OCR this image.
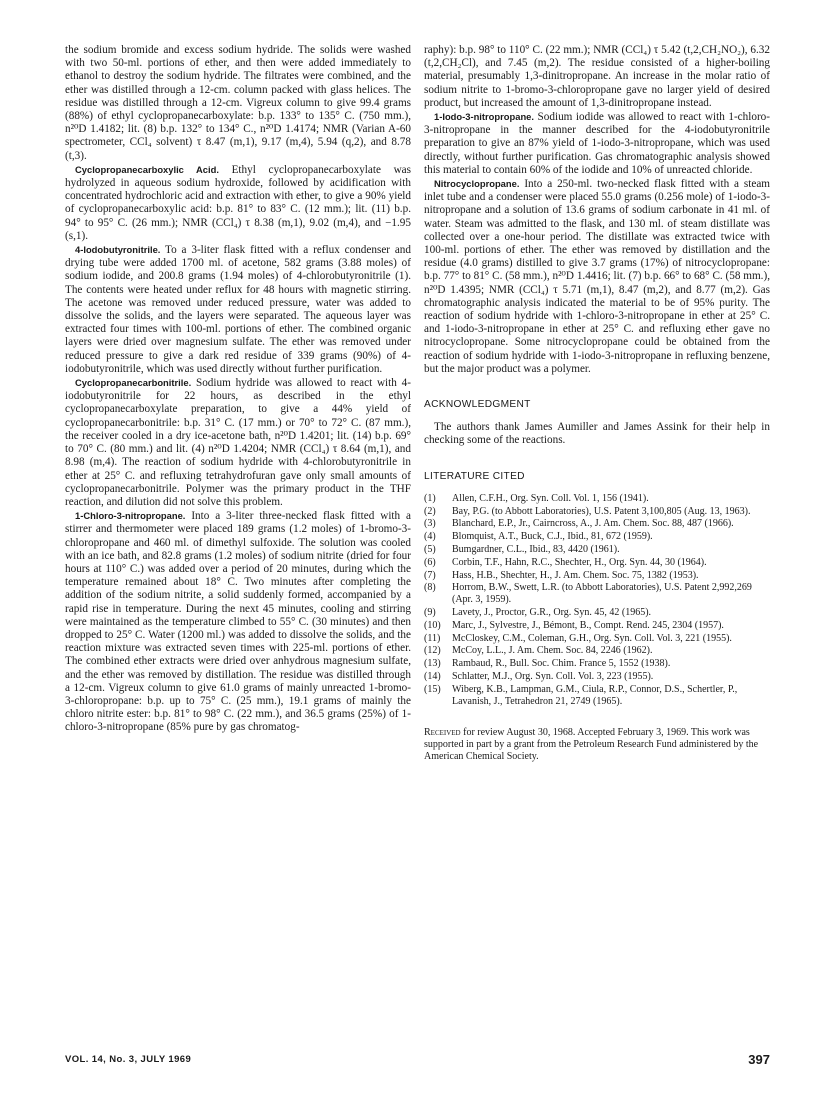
the sodium bromide and excess sodium hydride. The solids were washed with two 50-ml. portions of ether, and then were added immediately to ethanol to destroy the sodium hydride. The filtrates were combined, and the ether was distilled through a 12-cm. column packed with glass helices. The residue was distilled through a 12-cm. Vigreux column to give 99.4 grams (88%) of ethyl cyclopropanecarboxylate: b.p. 133° to 135° C. (750 mm.), n²⁰D 1.4182; lit. (8) b.p. 132° to 134° C., n²⁰D 1.4174; NMR (Varian A-60 spectrometer, CCl₄ solvent) τ 8.47 (m,1), 9.17 (m,4), 5.94 (q,2), and 8.78 (t,3).

Cyclopropanecarboxylic Acid. Ethyl cyclopropanecarboxylate was hydrolyzed in aqueous sodium hydroxide, followed by acidification with concentrated hydrochloric acid and extraction with ether, to give a 90% yield of cyclopropanecarboxylic acid: b.p. 81° to 83° C. (12 mm.); lit. (11) b.p. 94° to 95° C. (26 mm.); NMR (CCl₄) τ 8.38 (m,1), 9.02 (m,4), and −1.95 (s,1).

4-Iodobutyronitrile. To a 3-liter flask fitted with a reflux condenser and drying tube were added 1700 ml. of acetone, 582 grams (3.88 moles) of sodium iodide, and 200.8 grams (1.94 moles) of 4-chlorobutyronitrile (1). The contents were heated under reflux for 48 hours with magnetic stirring. The acetone was removed under reduced pressure, water was added to dissolve the solids, and the layers were separated. The aqueous layer was extracted four times with 100-ml. portions of ether. The combined organic layers were dried over magnesium sulfate. The ether was removed under reduced pressure to give a dark red residue of 339 grams (90%) of 4-iodobutyronitrile, which was used directly without further purification.

Cyclopropanecarbonitrile. Sodium hydride was allowed to react with 4-iodobutyronitrile for 22 hours, as described in the ethyl cyclopropanecarboxylate preparation, to give a 44% yield of cyclopropanecarbonitrile: b.p. 31° C. (17 mm.) or 70° to 72° C. (87 mm.), the receiver cooled in a dry ice-acetone bath, n²⁰D 1.4201; lit. (14) b.p. 69° to 70° C. (80 mm.) and lit. (4) n²⁰D 1.4204; NMR (CCl₄) τ 8.64 (m,1), and 8.98 (m,4). The reaction of sodium hydride with 4-chlorobutyronitrile in ether at 25° C. and refluxing tetrahydrofuran gave only small amounts of cyclopropanecarbonitrile. Polymer was the primary product in the THF reaction, and dilution did not solve this problem.

1-Chloro-3-nitropropane. Into a 3-liter three-necked flask fitted with a stirrer and thermometer were placed 189 grams (1.2 moles) of 1-bromo-3-chloropropane and 460 ml. of dimethyl sulfoxide. The solution was cooled with an ice bath, and 82.8 grams (1.2 moles) of sodium nitrite (dried for four hours at 110° C.) was added over a period of 20 minutes, during which the temperature remained about 18° C. Two minutes after completing the addition of the sodium nitrite, a solid suddenly formed, accompanied by a rapid rise in temperature. During the next 45 minutes, cooling and stirring were maintained as the temperature climbed to 55° C. (30 minutes) and then dropped to 25° C. Water (1200 ml.) was added to dissolve the solids, and the reaction mixture was extracted seven times with 225-ml. portions of ether. The combined ether extracts were dried over anhydrous magnesium sulfate, and the ether was removed by distillation. The residue was distilled through a 12-cm. Vigreux column to give 61.0 grams of mainly unreacted 1-bromo-3-chloropropane: b.p. up to 75° C. (25 mm.), 19.1 grams of mainly the chloro nitrite ester: b.p. 81° to 98° C. (22 mm.), and 36.5 grams (25%) of 1-chloro-3-nitropropane (85% pure by gas chromatog-

raphy): b.p. 98° to 110° C. (22 mm.); NMR (CCl₄) τ 5.42 (t,2,CH₂NO₂), 6.32 (t,2,CH₂Cl), and 7.45 (m,2). The residue consisted of a higher-boiling material, presumably 1,3-dinitropropane. An increase in the molar ratio of sodium nitrite to 1-bromo-3-chloropropane gave no larger yield of desired product, but increased the amount of 1,3-dinitropropane instead.

1-Iodo-3-nitropropane. Sodium iodide was allowed to react with 1-chloro-3-nitropropane in the manner described for the 4-iodobutyronitrile preparation to give an 87% yield of 1-iodo-3-nitropropane, which was used directly, without further purification. Gas chromatographic analysis showed this material to contain 60% of the iodide and 10% of unreacted chloride.

Nitrocyclopropane. Into a 250-ml. two-necked flask fitted with a steam inlet tube and a condenser were placed 55.0 grams (0.256 mole) of 1-iodo-3-nitropropane and a solution of 13.6 grams of sodium carbonate in 41 ml. of water. Steam was admitted to the flask, and 130 ml. of steam distillate was collected over a one-hour period. The distillate was extracted twice with 100-ml. portions of ether. The ether was removed by distillation and the residue (4.0 grams) distilled to give 3.7 grams (17%) of nitrocyclopropane: b.p. 77° to 81° C. (58 mm.), n²⁰D 1.4416; lit. (7) b.p. 66° to 68° C. (58 mm.), n²⁰D 1.4395; NMR (CCl₄) τ 5.71 (m,1), 8.47 (m,2), and 8.77 (m,2). Gas chromatographic analysis indicated the material to be of 95% purity. The reaction of sodium hydride with 1-chloro-3-nitropropane in ether at 25° C. and 1-iodo-3-nitropropane in ether at 25° C. and refluxing ether gave no nitrocyclopropane. Some nitrocyclopropane could be obtained from the reaction of sodium hydride with 1-iodo-3-nitropropane in refluxing benzene, but the major product was a polymer.

ACKNOWLEDGMENT

The authors thank James Aumiller and James Assink for their help in checking some of the reactions.

LITERATURE CITED
(1)	Allen, C.F.H., Org. Syn. Coll. Vol. 1, 156 (1941).
(2)	Bay, P.G. (to Abbott Laboratories), U.S. Patent 3,100,805 (Aug. 13, 1963).
(3)	Blanchard, E.P., Jr., Cairncross, A., J. Am. Chem. Soc. 88, 487 (1966).
(4)	Blomquist, A.T., Buck, C.J., Ibid., 81, 672 (1959).
(5)	Bumgardner, C.L., Ibid., 83, 4420 (1961).
(6)	Corbin, T.F., Hahn, R.C., Shechter, H., Org. Syn. 44, 30 (1964).
(7)	Hass, H.B., Shechter, H., J. Am. Chem. Soc. 75, 1382 (1953).
(8)	Horrom, B.W., Swett, L.R. (to Abbott Laboratories), U.S. Patent 2,992,269 (Apr. 3, 1959).
(9)	Lavety, J., Proctor, G.R., Org. Syn. 45, 42 (1965).
(10)	Marc, J., Sylvestre, J., Bémont, B., Compt. Rend. 245, 2304 (1957).
(11)	McCloskey, C.M., Coleman, G.H., Org. Syn. Coll. Vol. 3, 221 (1955).
(12)	McCoy, L.L., J. Am. Chem. Soc. 84, 2246 (1962).
(13)	Rambaud, R., Bull. Soc. Chim. France 5, 1552 (1938).
(14)	Schlatter, M.J., Org. Syn. Coll. Vol. 3, 223 (1955).
(15)	Wiberg, K.B., Lampman, G.M., Ciula, R.P., Connor, D.S., Schertler, P., Lavanish, J., Tetrahedron 21, 2749 (1965).
Received for review August 30, 1968. Accepted February 3, 1969. This work was supported in part by a grant from the Petroleum Research Fund administered by the American Chemical Society.
VOL. 14, No. 3, JULY 1969	397
